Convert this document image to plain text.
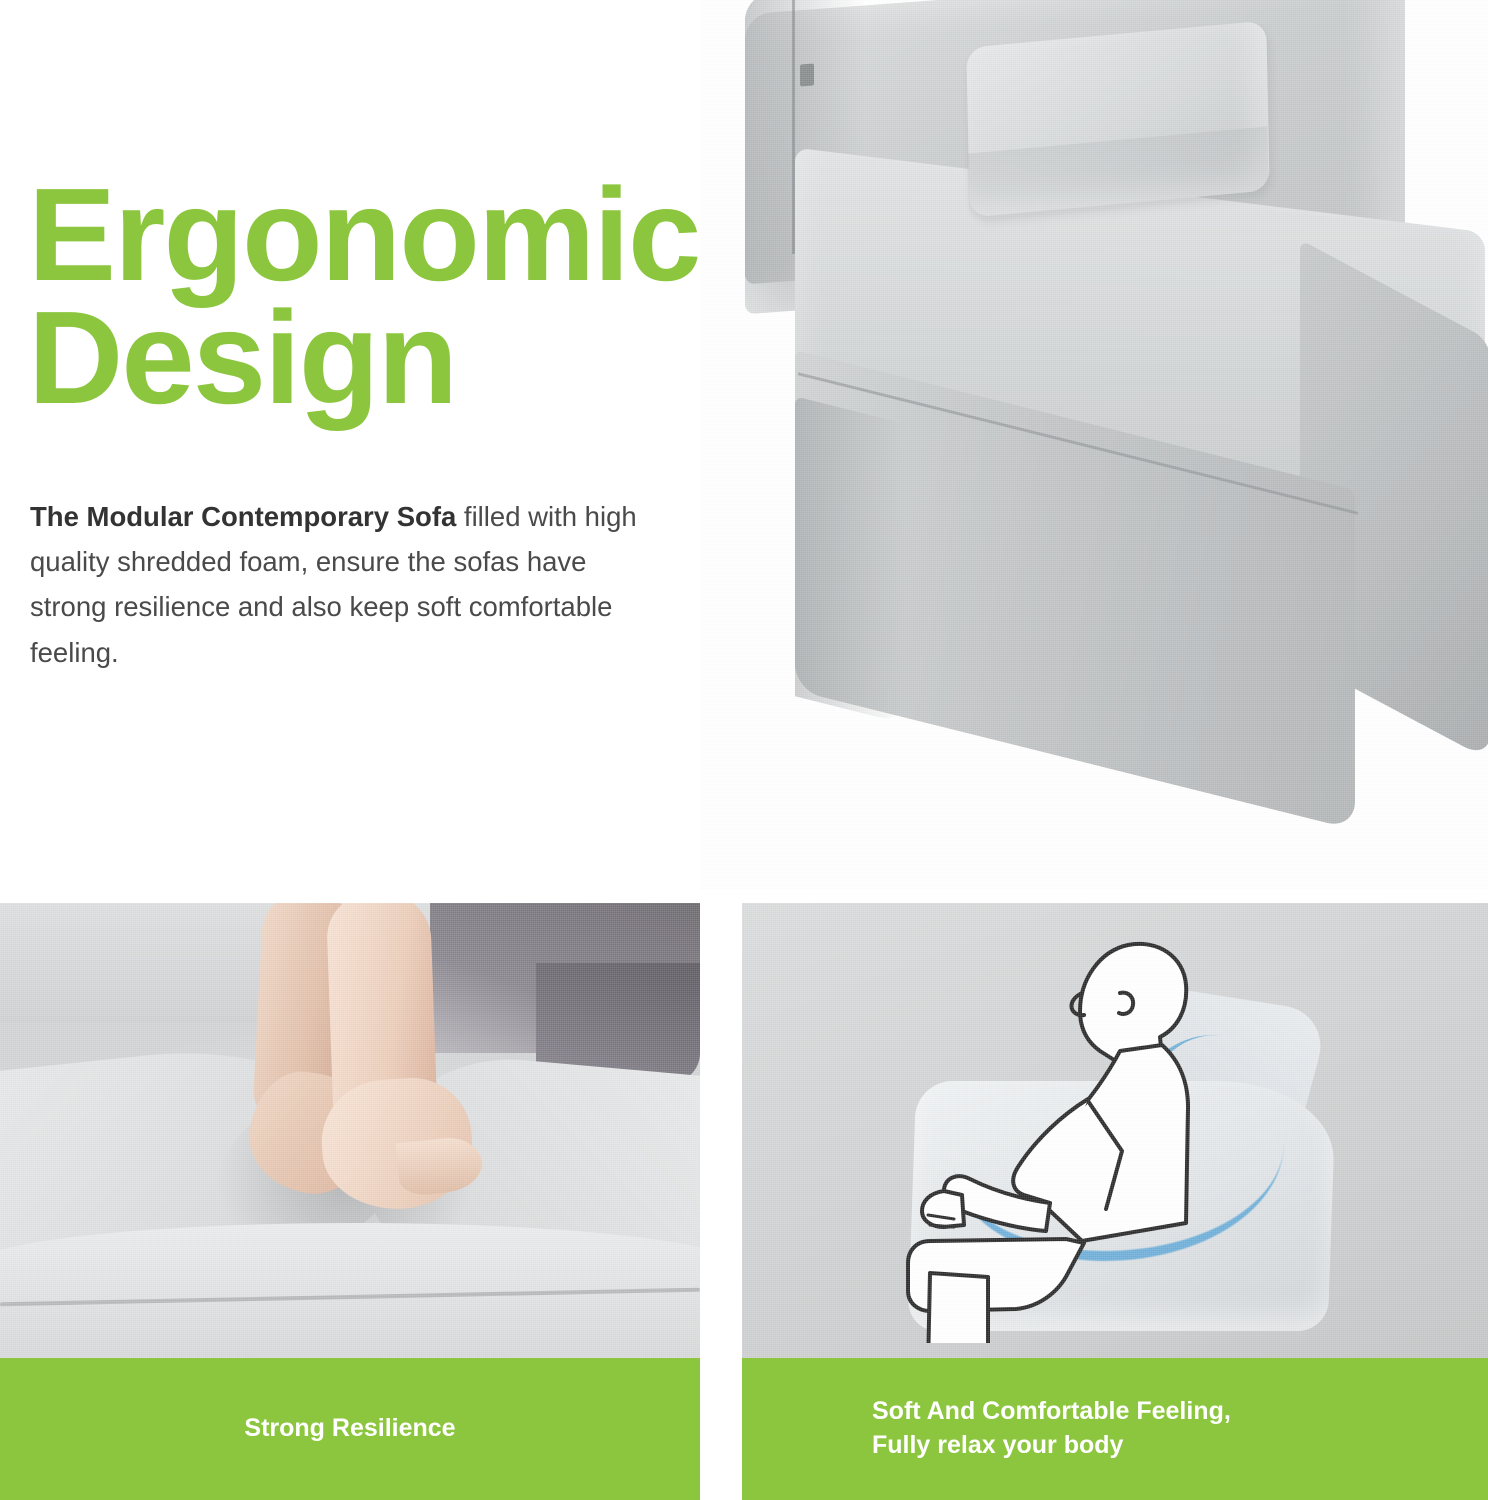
Ergonomic
Design

The Modular Contemporary Sofa filled with high quality shredded foam, ensure the sofas have strong resilience and also keep soft comfortable feeling.

Strong Resilience
Soft And Comfortable Feeling,
Fully relax your body
